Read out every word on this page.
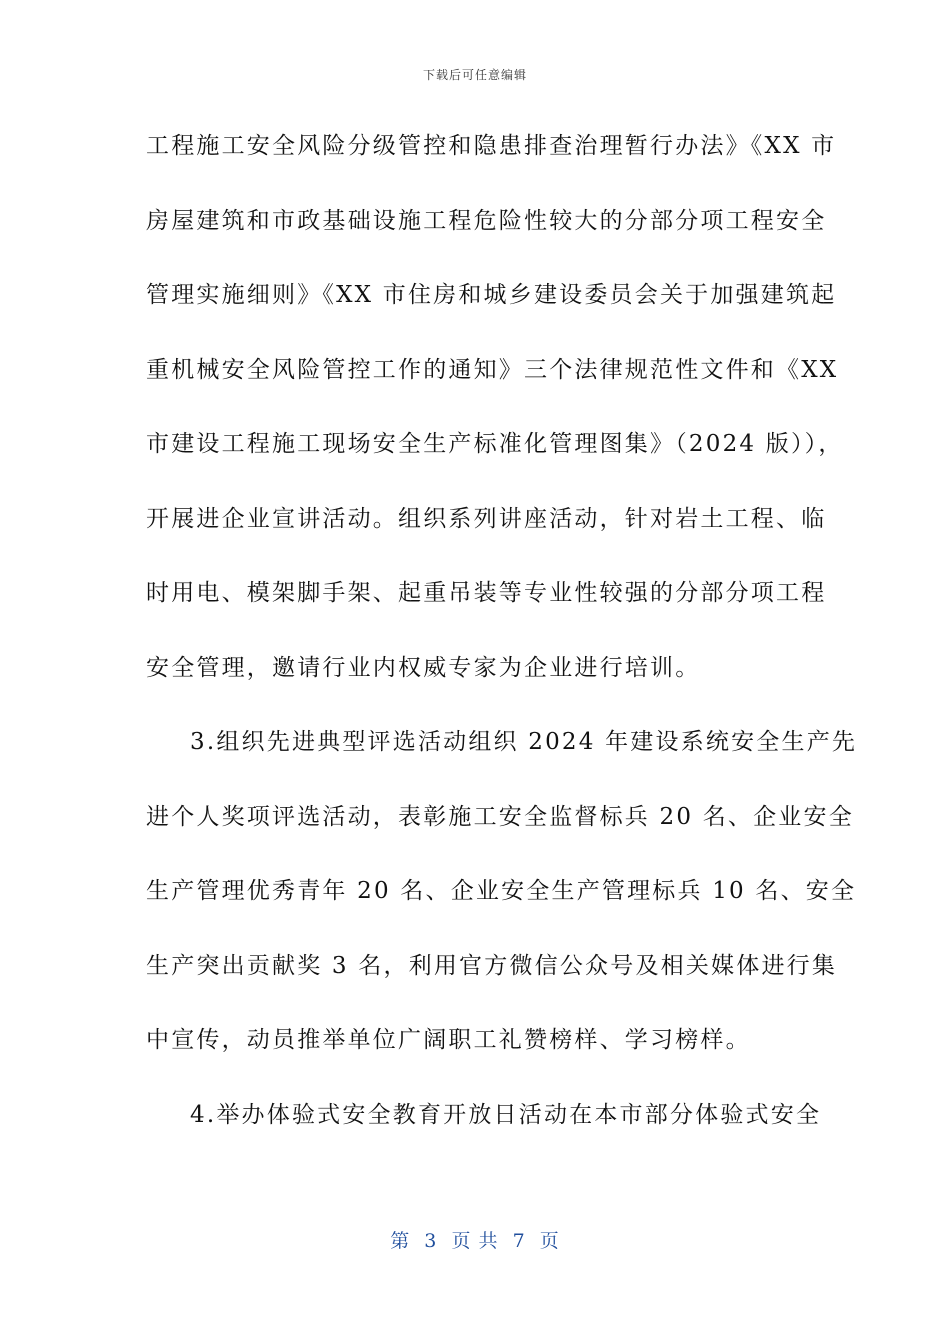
下载后可任意编辑
工程施工安全风险分级管控和隐患排查治理暂行办法》《XX 市
房屋建筑和市政基础设施工程危险性较大的分部分项工程安全
管理实施细则》《XX 市住房和城乡建设委员会关于加强建筑起
重机械安全风险管控工作的通知》三个法律规范性文件和《XX
市建设工程施工现场安全生产标准化管理图集》（2024 版）），
开展进企业宣讲活动。组织系列讲座活动，针对岩土工程、临
时用电、模架脚手架、起重吊装等专业性较强的分部分项工程
安全管理，邀请行业内权威专家为企业进行培训。
3.组织先进典型评选活动组织 2024 年建设系统安全生产先
进个人奖项评选活动，表彰施工安全监督标兵 20 名、企业安全
生产管理优秀青年 20 名、企业安全生产管理标兵 10 名、安全
生产突出贡献奖 3 名，利用官方微信公众号及相关媒体进行集
中宣传，动员推举单位广阔职工礼赞榜样、学习榜样。
4.举办体验式安全教育开放日活动在本市部分体验式安全
第  3  页 共  7  页
